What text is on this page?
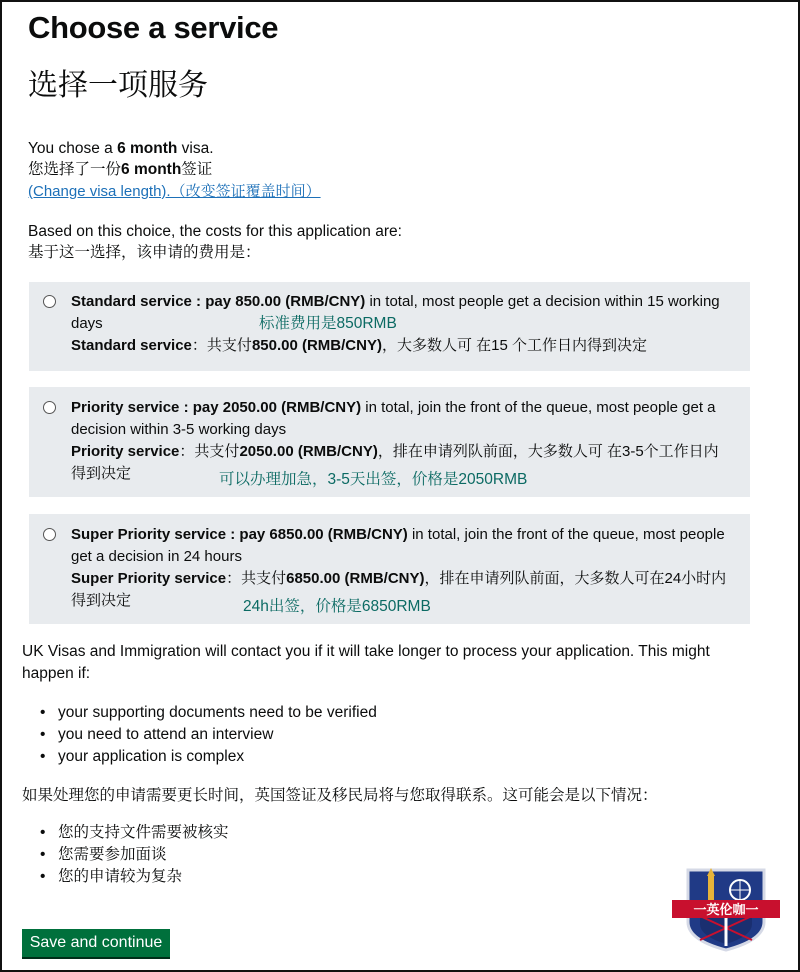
Choose a service
选择一项服务
You chose a 6 month visa.
您选择了一份6 month签证
(Change visa length).（改变签证覆盖时间）
Based on this choice, the costs for this application are:
基于这一选择，该申请的费用是：
Standard service : pay 850.00 (RMB/CNY) in total, most people get a decision within 15 working days	标准费用是850RMB
Standard service：共支付850.00 (RMB/CNY)，大多数人可 在15 个工作日内得到决定
Priority service : pay 2050.00 (RMB/CNY) in total, join the front of the queue, most people get a decision within 3-5 working days
Priority service：共支付2050.00 (RMB/CNY)，排在申请列队前面，大多数人可 在3-5个工作日内得到决定	可以办理加急，3-5天出签，价格是2050RMB
Super Priority service : pay 6850.00 (RMB/CNY) in total, join the front of the queue, most people get a decision in 24 hours
Super Priority service：共支付6850.00 (RMB/CNY)，排在申请列队前面，大多数人可在24小时内得到决定	24h出签，价格是6850RMB
UK Visas and Immigration will contact you if it will take longer to process your application. This might happen if:
• your supporting documents need to be verified
• you need to attend an interview
• your application is complex
如果处理您的申请需要更长时间，英国签证及移民局将与您取得联系。这可能会是以下情况：
• 您的支持文件需要被核实
• 您需要参加面谈
• 您的申请较为复杂
Save and continue
一英伦咖一
